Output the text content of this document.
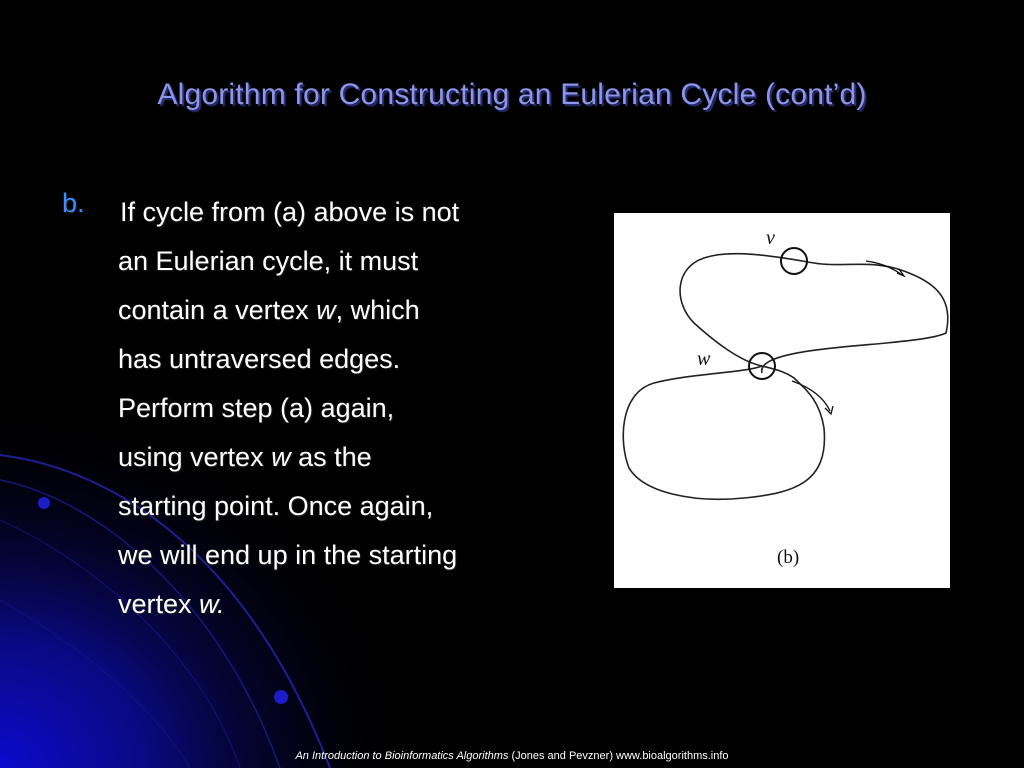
Algorithm for Constructing an Eulerian Cycle (cont’d)
b. If cycle from (a) above is not
an Eulerian cycle, it must
contain a vertex w, which
has untraversed edges.
Perform step (a) again,
using vertex w as the
starting point. Once again,
we will end up in the starting
vertex w.
v
w
(b)
An Introduction to Bioinformatics Algorithms (Jones and Pevzner) www.bioalgorithms.info
